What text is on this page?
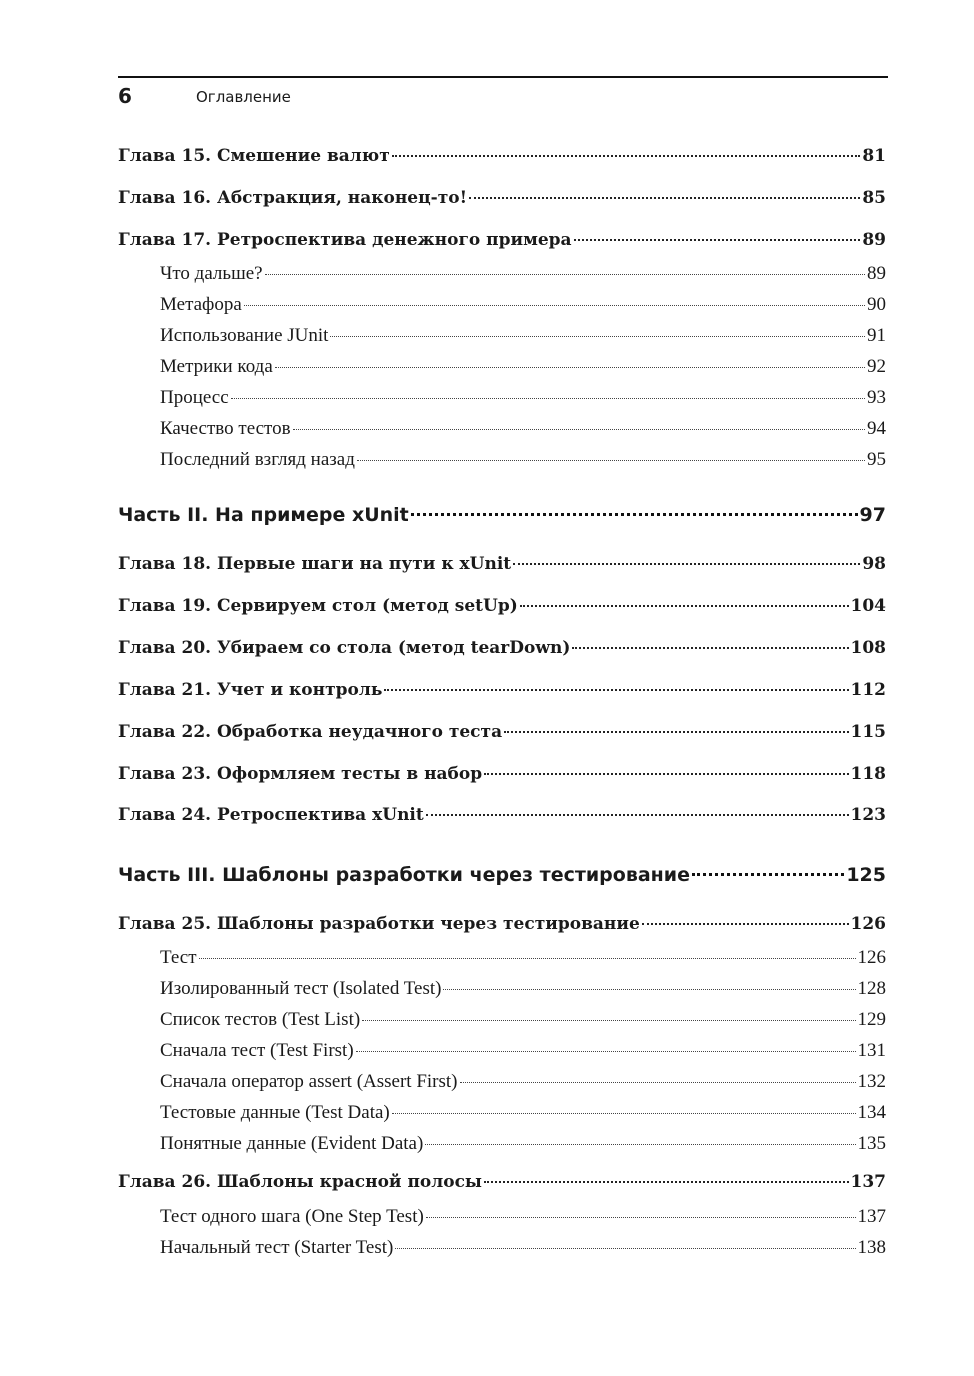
6	Оглавление
Глава 15. Смешение валют	81
Глава 16. Абстракция, наконец-то!	85
Глава 17. Ретроспектива денежного примера	89
Что дальше?	89
Метафора	90
Использование JUnit	91
Метрики кода	92
Процесс	93
Качество тестов	94
Последний взгляд назад	95
Часть II. На примере xUnit	97
Глава 18. Первые шаги на пути к xUnit	98
Глава 19. Сервируем стол (метод setUp)	104
Глава 20. Убираем со стола (метод tearDown)	108
Глава 21. Учет и контроль	112
Глава 22. Обработка неудачного теста	115
Глава 23. Оформляем тесты в набор	118
Глава 24. Ретроспектива xUnit	123
Часть III. Шаблоны разработки через тестирование	125
Глава 25. Шаблоны разработки через тестирование	126
Тест	126
Изолированный тест (Isolated Test)	128
Список тестов (Test List)	129
Сначала тест (Test First)	131
Сначала оператор assert (Assert First)	132
Тестовые данные (Test Data)	134
Понятные данные (Evident Data)	135
Глава 26. Шаблоны красной полосы	137
Тест одного шага (One Step Test)	137
Начальный тест (Starter Test)	138
